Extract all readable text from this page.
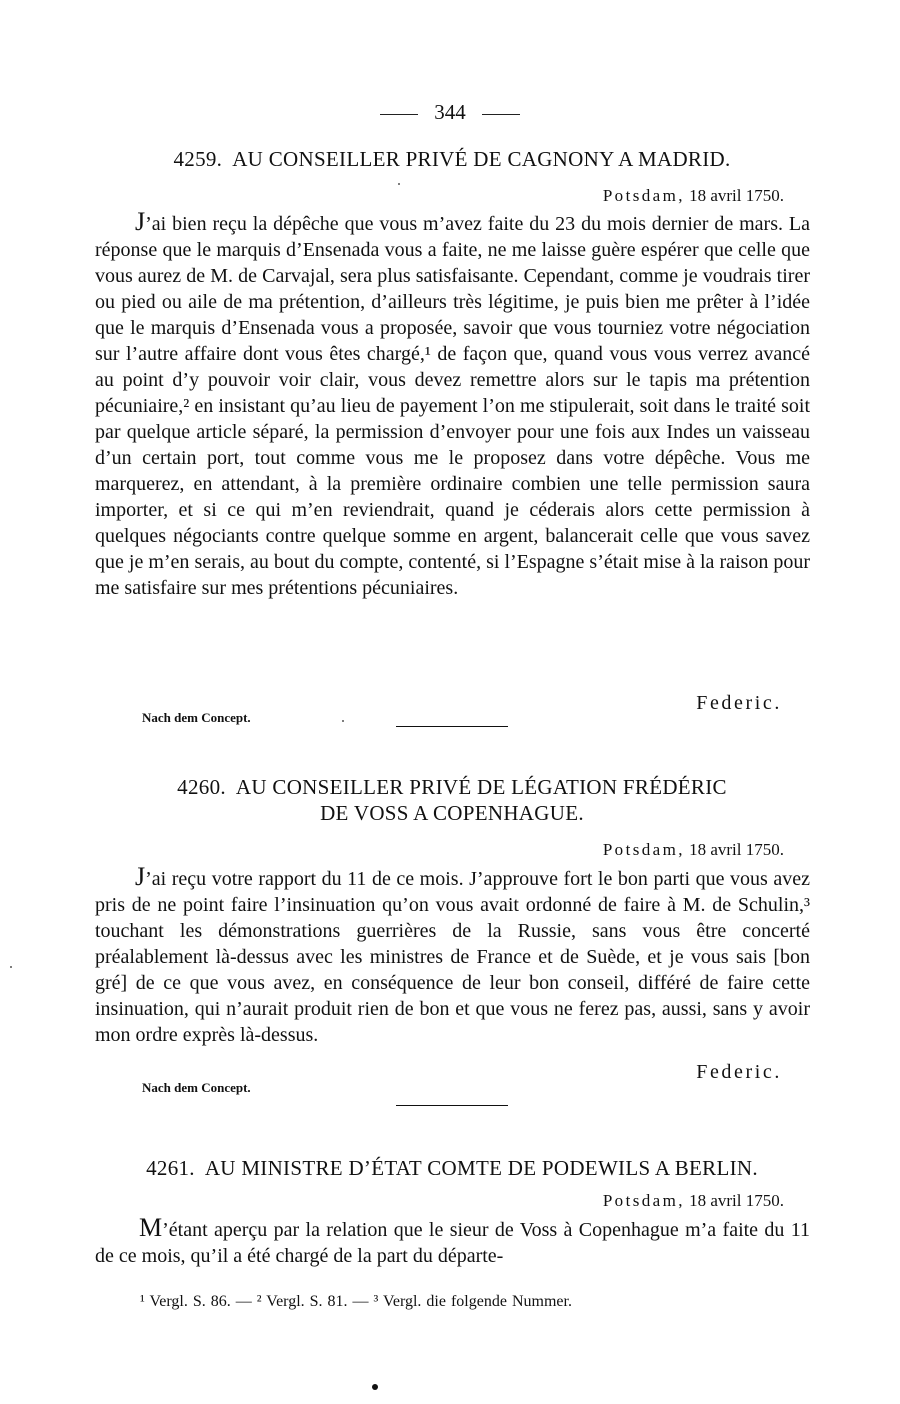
344
4259. AU CONSEILLER PRIVÉ DE CAGNONY A MADRID.
Potsdam, 18 avril 1750.
J’ai bien reçu la dépêche que vous m’avez faite du 23 du mois dernier de mars. La réponse que le marquis d’Ensenada vous a faite, ne me laisse guère espérer que celle que vous aurez de M. de Carvajal, sera plus satisfaisante. Cependant, comme je voudrais tirer ou pied ou aile de ma prétention, d’ailleurs très légitime, je puis bien me prêter à l’idée que le marquis d’Ensenada vous a proposée, savoir que vous tourniez votre négociation sur l’autre affaire dont vous êtes chargé,¹ de façon que, quand vous vous verrez avancé au point d’y pouvoir voir clair, vous devez remettre alors sur le tapis ma prétention pécuniaire,² en insistant qu’au lieu de payement l’on me stipulerait, soit dans le traité soit par quelque article séparé, la permission d’envoyer pour une fois aux Indes un vaisseau d’un certain port, tout comme vous me le proposez dans votre dépêche. Vous me marquerez, en attendant, à la première ordinaire combien une telle permission saura importer, et si ce qui m’en reviendrait, quand je céderais alors cette permission à quelques négociants contre quelque somme en argent, balancerait celle que vous savez que je m’en serais, au bout du compte, contenté, si l’Espagne s’était mise à la raison pour me satisfaire sur mes prétentions pécuniaires.
Federic.
Nach dem Concept.
4260. AU CONSEILLER PRIVÉ DE LÉGATION FRÉDÉRIC
DE VOSS A COPENHAGUE.
Potsdam, 18 avril 1750.
J’ai reçu votre rapport du 11 de ce mois. J’approuve fort le bon parti que vous avez pris de ne point faire l’insinuation qu’on vous avait ordonné de faire à M. de Schulin,³ touchant les démonstrations guerrières de la Russie, sans vous être concerté préalablement là-dessus avec les ministres de France et de Suède, et je vous sais [bon gré] de ce que vous avez, en conséquence de leur bon conseil, différé de faire cette insinuation, qui n’aurait produit rien de bon et que vous ne ferez pas, aussi, sans y avoir mon ordre exprès là-dessus.
Federic.
Nach dem Concept.
4261. AU MINISTRE D’ÉTAT COMTE DE PODEWILS A BERLIN.
Potsdam, 18 avril 1750.
M’étant aperçu par la relation que le sieur de Voss à Copenhague m’a faite du 11 de ce mois, qu’il a été chargé de la part du départe-
¹ Vergl. S. 86. — ² Vergl. S. 81. — ³ Vergl. die folgende Nummer.
